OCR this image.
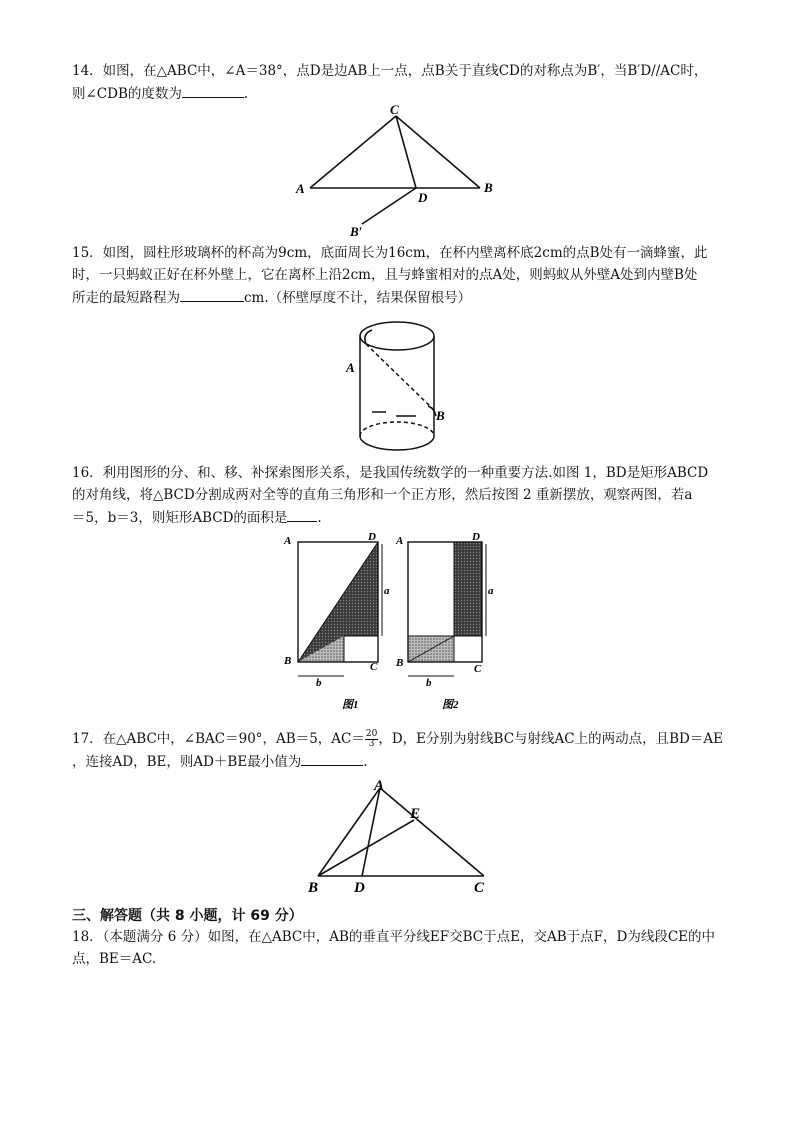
14．如图，在△ABC中，∠A＝38°，点D是边AB上一点，点B关于直线CD的对称点为B′，当B′D//AC时，

则∠CDB的度数为	.

A	B
C
D
B′

15．如图，圆柱形玻璃杯的杯高为9cm，底面周长为16cm，在杯内壁离杯底2cm的点B处有一滴蜂蜜，此

时，一只蚂蚁正好在杯外壁上，它在离杯上沿2cm，且与蜂蜜相对的点A处，则蚂蚁从外壁A处到内壁B处

所走的最短路程为	cm.（杯壁厚度不计，结果保留根号）

A
B

16．利用图形的分、和、移、补探索图形关系，是我国传统数学的一种重要方法.如图 1，BD是矩形ABCD

的对角线，将△BCD分割成两对全等的直角三角形和一个正方形，然后按图 2 重新摆放，观察两图，若a

＝5，b＝3，则矩形ABCD的面积是 .

A	D
B	C
a
b
图1
A	D
B	C
a
b
图2

17．在△ABC中，∠BAC＝90°，AB＝5，$AC= \frac{20}{3}$ ，D，E分别为射线BC与射线AC上的两动点，且BD＝AE

，连接AD，BE，则AD＋BE最小值为	.

A
E
B D	C
三、解答题（共 8 小题，计 69 分）

18．（本题满分 6 分）如图，在△ABC中，AB的垂直平分线EF交BC于点E，交AB于点F，D为线段CE的中

点，BE＝AC.
